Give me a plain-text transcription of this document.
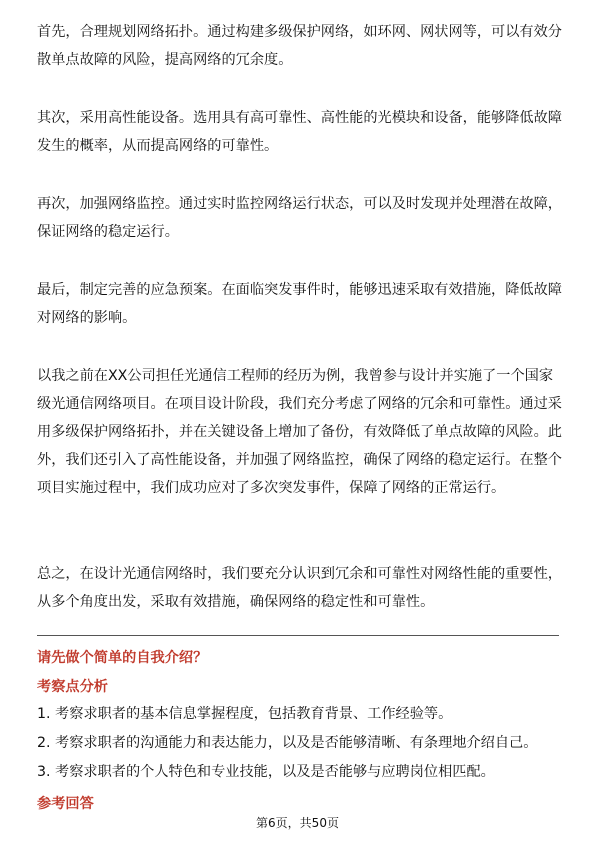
首先，合理规划网络拓扑。通过构建多级保护网络，如环网、网状网等，可以有效分散单点故障的风险，提高网络的冗余度。

其次，采用高性能设备。选用具有高可靠性、高性能的光模块和设备，能够降低故障发生的概率，从而提高网络的可靠性。

再次，加强网络监控。通过实时监控网络运行状态，可以及时发现并处理潜在故障，保证网络的稳定运行。

最后，制定完善的应急预案。在面临突发事件时，能够迅速采取有效措施，降低故障对网络的影响。

以我之前在XX公司担任光通信工程师的经历为例，我曾参与设计并实施了一个国家级光通信网络项目。在项目设计阶段，我们充分考虑了网络的冗余和可靠性。通过采用多级保护网络拓扑，并在关键设备上增加了备份，有效降低了单点故障的风险。此外，我们还引入了高性能设备，并加强了网络监控，确保了网络的稳定运行。在整个项目实施过程中，我们成功应对了多次突发事件，保障了网络的正常运行。

总之，在设计光通信网络时，我们要充分认识到冗余和可靠性对网络性能的重要性，从多个角度出发，采取有效措施，确保网络的稳定性和可靠性。

请先做个简单的自我介绍？

考察点分析

1. 考察求职者的基本信息掌握程度，包括教育背景、工作经验等。

2. 考察求职者的沟通能力和表达能力，以及是否能够清晰、有条理地介绍自己。

3. 考察求职者的个人特色和专业技能，以及是否能够与应聘岗位相匹配。

参考回答

第6页，共50页
